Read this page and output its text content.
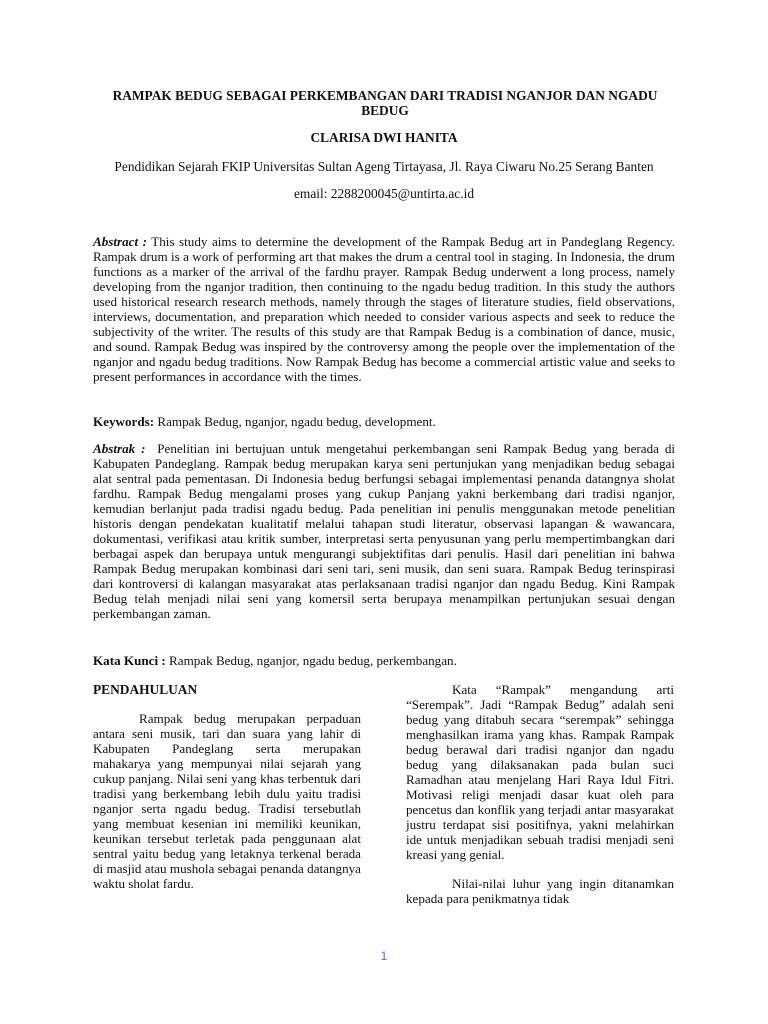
RAMPAK BEDUG SEBAGAI PERKEMBANGAN DARI TRADISI NGANJOR DAN NGADU BEDUG

CLARISA DWI HANITA

Pendidikan Sejarah FKIP Universitas Sultan Ageng Tirtayasa, Jl. Raya Ciwaru No.25 Serang Banten

email: 2288200045@untirta.ac.id

Abstract : This study aims to determine the development of the Rampak Bedug art in Pandeglang Regency. Rampak drum is a work of performing art that makes the drum a central tool in staging. In Indonesia, the drum functions as a marker of the arrival of the fardhu prayer. Rampak Bedug underwent a long process, namely developing from the nganjor tradition, then continuing to the ngadu bedug tradition. In this study the authors used historical research research methods, namely through the stages of literature studies, field observations, interviews, documentation, and preparation which needed to consider various aspects and seek to reduce the subjectivity of the writer. The results of this study are that Rampak Bedug is a combination of dance, music, and sound. Rampak Bedug was inspired by the controversy among the people over the implementation of the nganjor and ngadu bedug traditions. Now Rampak Bedug has become a commercial artistic value and seeks to present performances in accordance with the times.

Keywords: Rampak Bedug, nganjor, ngadu bedug, development.

Abstrak : Penelitian ini bertujuan untuk mengetahui perkembangan seni Rampak Bedug yang berada di Kabupaten Pandeglang. Rampak bedug merupakan karya seni pertunjukan yang menjadikan bedug sebagai alat sentral pada pementasan. Di Indonesia bedug berfungsi sebagai implementasi penanda datangnya sholat fardhu. Rampak Bedug mengalami proses yang cukup Panjang yakni berkembang dari tradisi nganjor, kemudian berlanjut pada tradisi ngadu bedug. Pada penelitian ini penulis menggunakan metode penelitian historis dengan pendekatan kualitatif melalui tahapan studi literatur, observasi lapangan & wawancara, dokumentasi, verifikasi atau kritik sumber, interpretasi serta penyusunan yang perlu mempertimbangkan dari berbagai aspek dan berupaya untuk mengurangi subjektifitas dari penulis. Hasil dari penelitian ini bahwa Rampak Bedug merupakan kombinasi dari seni tari, seni musik, dan seni suara. Rampak Bedug terinspirasi dari kontroversi di kalangan masyarakat atas perlaksanaan tradisi nganjor dan ngadu Bedug. Kini Rampak Bedug telah menjadi nilai seni yang komersil serta berupaya menampilkan pertunjukan sesuai dengan perkembangan zaman.

Kata Kunci : Rampak Bedug, nganjor, ngadu bedug, perkembangan.

PENDAHULUAN

Rampak bedug merupakan perpaduan antara seni musik, tari dan suara yang lahir di Kabupaten Pandeglang serta merupakan mahakarya yang mempunyai nilai sejarah yang cukup panjang. Nilai seni yang khas terbentuk dari tradisi yang berkembang lebih dulu yaitu tradisi nganjor serta ngadu bedug. Tradisi tersebutlah yang membuat kesenian ini memiliki keunikan, keunikan tersebut terletak pada penggunaan alat sentral yaitu bedug yang letaknya terkenal berada di masjid atau mushola sebagai penanda datangnya waktu sholat fardu.

Kata “Rampak” mengandung arti “Serempak”. Jadi “Rampak Bedug” adalah seni bedug yang ditabuh secara “serempak” sehingga menghasilkan irama yang khas. Rampak Rampak bedug berawal dari tradisi nganjor dan ngadu bedug yang dilaksanakan pada bulan suci Ramadhan atau menjelang Hari Raya Idul Fitri. Motivasi religi menjadi dasar kuat oleh para pencetus dan konflik yang terjadi antar masyarakat justru terdapat sisi positifnya, yakni melahirkan ide untuk menjadikan sebuah tradisi menjadi seni kreasi yang genial.

Nilai-nilai luhur yang ingin ditanamkan kepada para penikmatnya tidak

1
